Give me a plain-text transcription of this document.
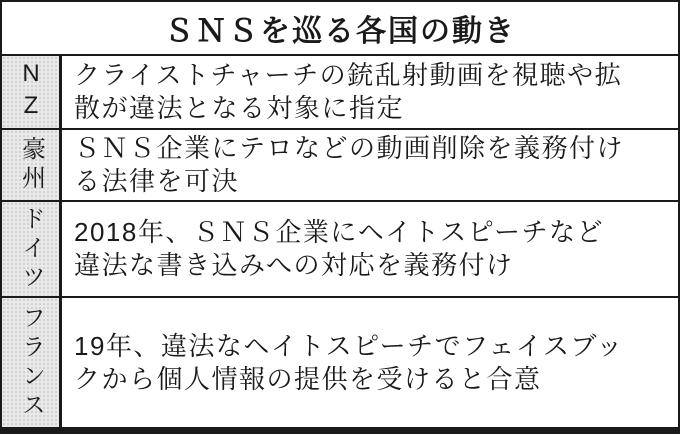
ＳＮＳを巡る各国の動き
NZ クライストチャーチの銃乱射動画を視聴や拡
散が違法となる対象に指定
豪州 ＳＮＳ企業にテロなどの動画削除を義務付け
る法律を可決
ドイツ 2018年、ＳＮＳ企業にヘイトスピーチなど
違法な書き込みへの対応を義務付け
フランス 19年、違法なヘイトスピーチでフェイスブッ
クから個人情報の提供を受けると合意
